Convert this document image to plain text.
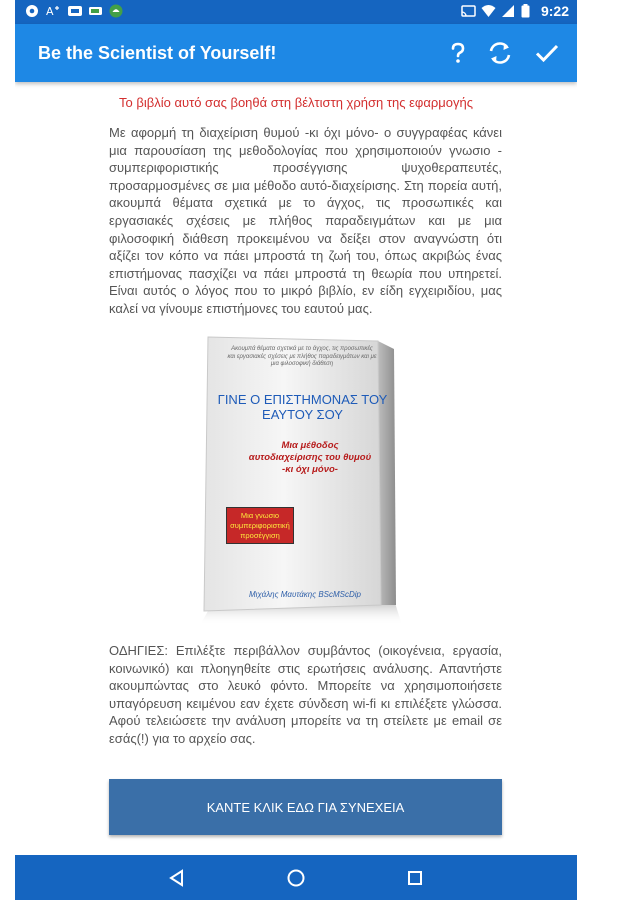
A	9:22
Be the Scientist of Yourself!
Το βιβλίο αυτό σας βοηθά στη βέλτιστη χρήση της εφαρμογής

Με αφορμή τη διαχείριση θυμού -κι όχι μόνο- ο συγγραφέας κάνει μια παρουσίαση της μεθοδολογίας που χρησιμοποιούν γνωσιο - συμπεριφοριστικής προσέγγισης ψυχοθεραπευτές, προσαρμοσμένες σε μια μέθοδο αυτό-διαχείρισης. Στη πορεία αυτή, ακουμπά θέματα σχετικά με το άγχος, τις προσωπικές και εργασιακές σχέσεις με πλήθος παραδειγμάτων και με μια φιλοσοφική διάθεση προκειμένου να δείξει στον αναγνώστη ότι αξίζει τον κόπο να πάει μπροστά τη ζωή του, όπως ακριβώς ένας επιστήμονας πασχίζει να πάει μπροστά τη θεωρία που υπηρετεί. Είναι αυτός ο λόγος που το μικρό βιβλίο, εν είδη εγχειριδίου, μας καλεί να γίνουμε επιστήμονες του εαυτού μας.

Ακουμπά θέματα σχετικά με το άγχος, τις προσωπικές και εργασιακές σχέσεις με πλήθος παραδειγμάτων και με μια φιλοσοφική διάθεση
ΓΙΝΕ Ο ΕΠΙΣΤΗΜΟΝΑΣ ΤΟΥ ΕΑΥΤΟΥ ΣΟΥ
Μια μέθοδος
αυτοδιαχείρισης του θυμού
-κι όχι μόνο-
Μια γνωσιο
συμπεριφοριστική
προσέγγιση
Μιχάλης Μαυτάκης BScMScDip

ΟΔΗΓΙΕΣ: Επιλέξτε περιβάλλον συμβάντος (οικογένεια, εργασία, κοινωνικό) και πλοηγηθείτε στις ερωτήσεις ανάλυσης. Απαντήστε ακουμπώντας στο λευκό φόντο. Μπορείτε να χρησιμοποιήσετε υπαγόρευση κειμένου εαν έχετε σύνδεση wi-fi κι επιλέξετε γλώσσα. Αφού τελειώσετε την ανάλυση μπορείτε να τη στείλετε με email σε εσάς(!) για το αρχείο σας.

ΚΑΝΤΕ ΚΛΙΚ ΕΔΩ ΓΙΑ ΣΥΝΕΧΕΙΑ
